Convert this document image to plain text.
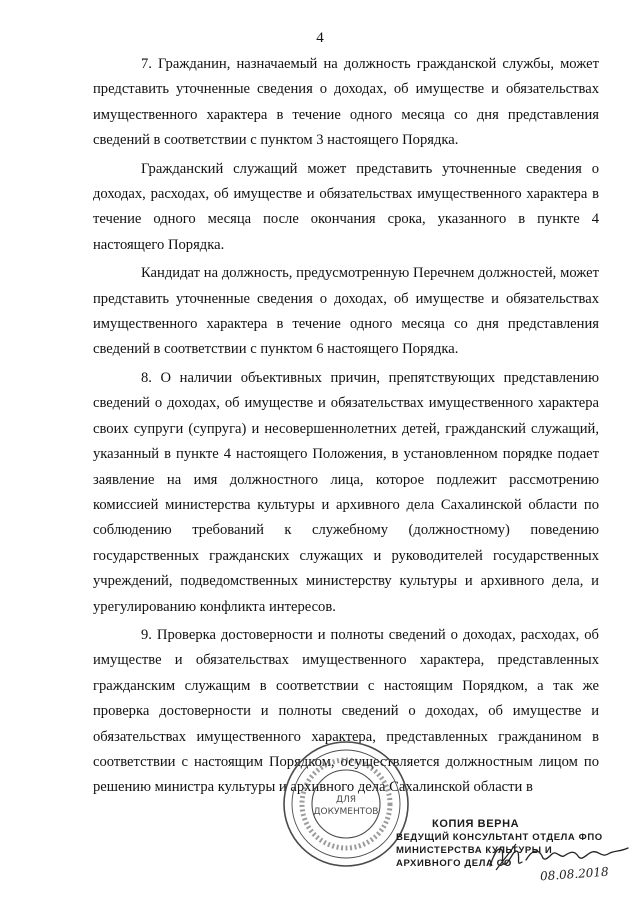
4

7. Гражданин, назначаемый на должность гражданской службы, может представить уточненные сведения о доходах, об имуществе и обязательствах имущественного характера в течение одного месяца со дня представления сведений в соответствии с пунктом 3 настоящего Порядка.

Гражданский служащий может представить уточненные сведения о доходах, расходах, об имуществе и обязательствах имущественного характера в течение одного месяца после окончания срока, указанного в пункте 4 настоящего Порядка.

Кандидат на должность, предусмотренную Перечнем должностей, может представить уточненные сведения о доходах, об имуществе и обязательствах имущественного характера в течение одного месяца со дня представления сведений в соответствии с пунктом 6 настоящего Порядка.

8. О наличии объективных причин, препятствующих представлению сведений о доходах, об имуществе и обязательствах имущественного характера своих супруги (супруга) и несовершеннолетних детей, гражданский служащий, указанный в пункте 4 настоящего Положения, в установленном порядке подает заявление на имя должностного лица, которое подлежит рассмотрению комиссией министерства культуры и архивного дела Сахалинской области по соблюдению требований к служебному (должностному) поведению государственных гражданских служащих и руководителей государственных учреждений, подведомственных министерству культуры и архивного дела, и урегулированию конфликта интересов.

9. Проверка достоверности и полноты сведений о доходах, расходах, об имуществе и обязательствах имущественного характера, представленных гражданским служащим в соответствии с настоящим Порядком, а так же проверка достоверности и полноты сведений о доходах, об имуществе и обязательствах имущественного характера, представленных гражданином в соответствии с настоящим Порядком, осуществляется должностным лицом по решению министра культуры и архивного дела Сахалинской области в

ДЛЯ
ДОКУМЕНТОВ
КОПИЯ ВЕРНА
ВЕДУЩИЙ КОНСУЛЬТАНТ ОТДЕЛА ФПО
МИНИСТЕРСТВА КУЛЬТУРЫ И
АРХИВНОГО ДЕЛА СО
08.08.2018
